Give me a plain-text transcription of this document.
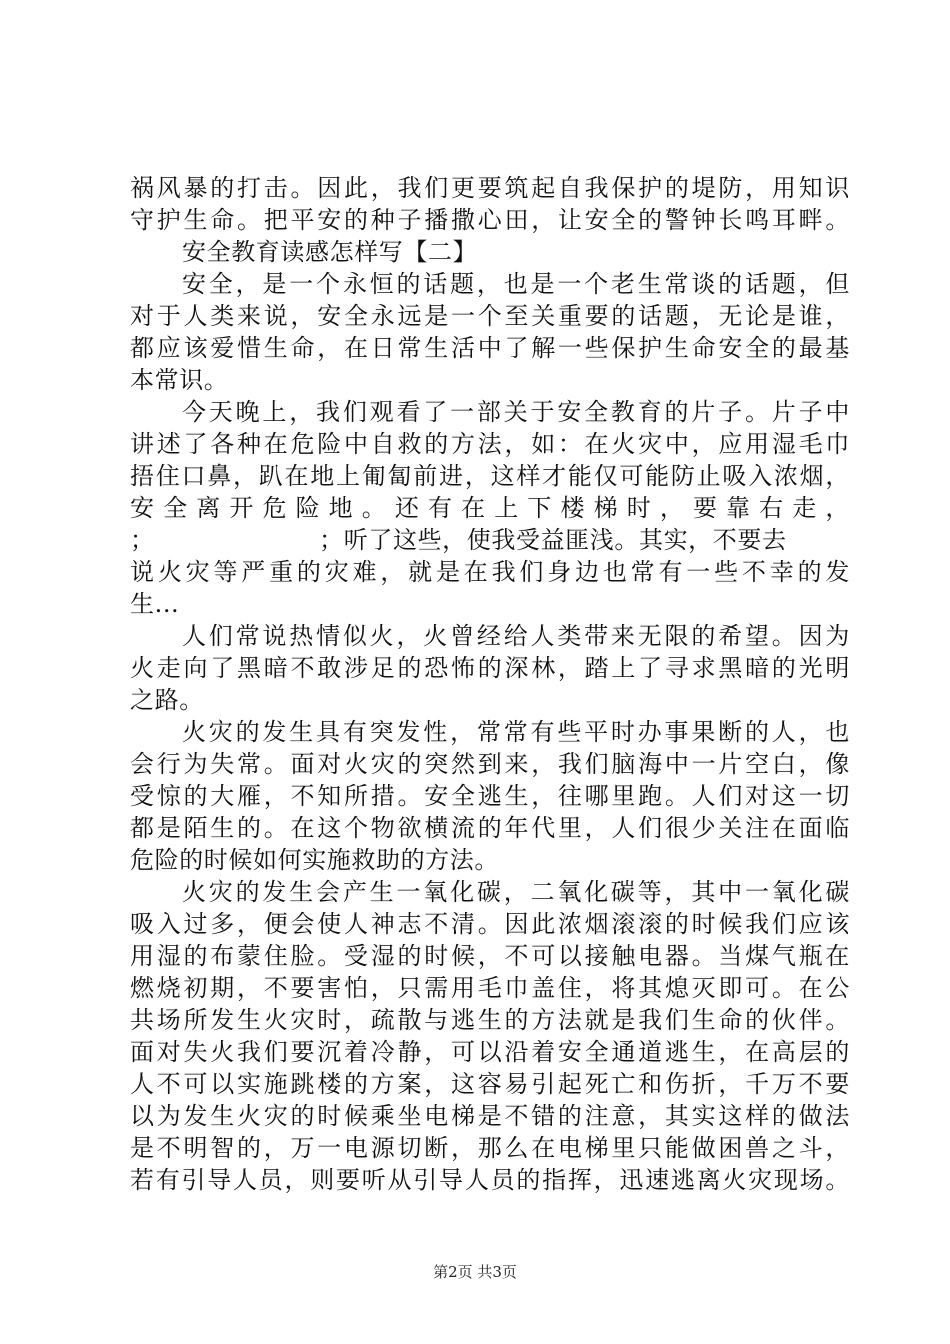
祸风暴的打击。因此，我们更要筑起自我保护的堤防，用知识
守护生命。把平安的种子播撒心田，让安全的警钟长鸣耳畔。
安全教育读感怎样写【二】
安全，是一个永恒的话题，也是一个老生常谈的话题，但
对于人类来说，安全永远是一个至关重要的话题，无论是谁，
都应该爱惜生命，在日常生活中了解一些保护生命安全的最基
本常识。
今天晚上，我们观看了一部关于安全教育的片子。片子中
讲述了各种在危险中自救的方法，如：在火灾中，应用湿毛巾
捂住口鼻，趴在地上匍匐前进，这样才能仅可能防止吸入浓烟，
安全离开危险地。还有在上下楼梯时，要靠右走，
；                    ；听了这些，使我受益匪浅。其实，不要去
说火灾等严重的灾难，就是在我们身边也常有一些不幸的发
生...
人们常说热情似火，火曾经给人类带来无限的希望。因为
火走向了黑暗不敢涉足的恐怖的深林，踏上了寻求黑暗的光明
之路。
火灾的发生具有突发性，常常有些平时办事果断的人，也
会行为失常。面对火灾的突然到来，我们脑海中一片空白，像
受惊的大雁，不知所措。安全逃生，往哪里跑。人们对这一切
都是陌生的。在这个物欲横流的年代里，人们很少关注在面临
危险的时候如何实施救助的方法。
火灾的发生会产生一氧化碳，二氧化碳等，其中一氧化碳
吸入过多，便会使人神志不清。因此浓烟滚滚的时候我们应该
用湿的布蒙住脸。受湿的时候，不可以接触电器。当煤气瓶在
燃烧初期，不要害怕，只需用毛巾盖住，将其熄灭即可。在公
共场所发生火灾时，疏散与逃生的方法就是我们生命的伙伴。
面对失火我们要沉着冷静，可以沿着安全通道逃生，在高层的
人不可以实施跳楼的方案，这容易引起死亡和伤折，千万不要
以为发生火灾的时候乘坐电梯是不错的注意，其实这样的做法
是不明智的，万一电源切断，那么在电梯里只能做困兽之斗，
若有引导人员，则要听从引导人员的指挥，迅速逃离火灾现场。
第2页 共3页
